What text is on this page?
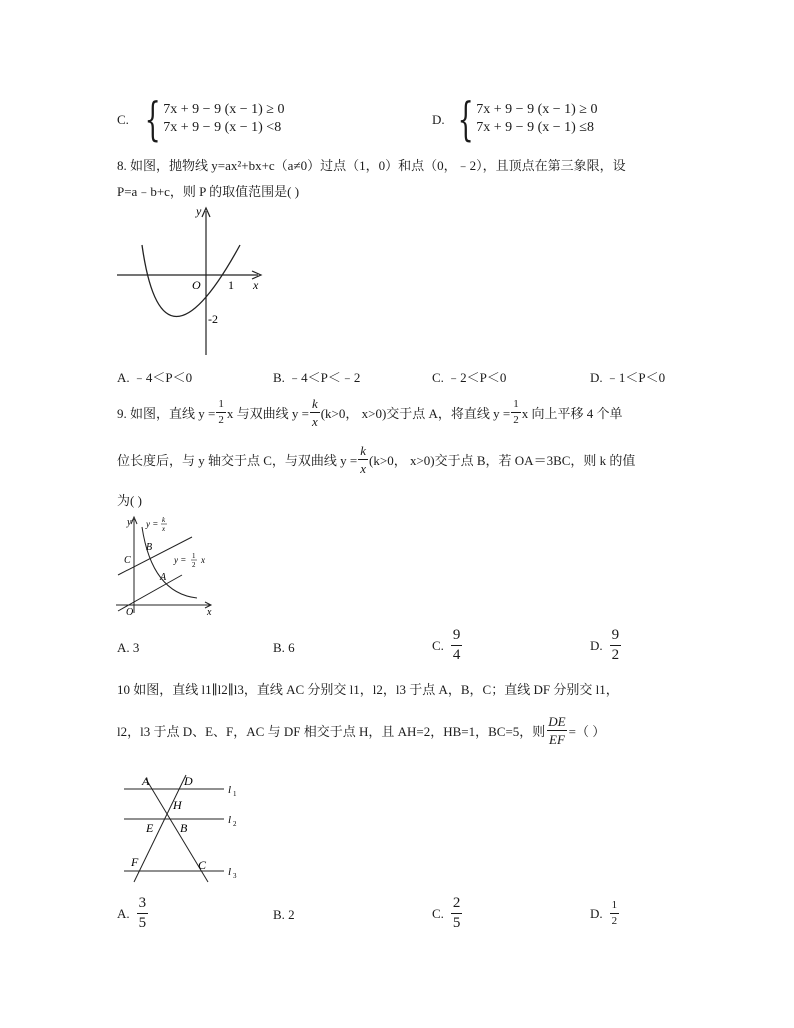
C. { 7x + 9 − 9 (x − 1) ≥ 0
7x + 9 − 9 (x − 1) <8
D. { 7x + 9 − 9 (x − 1) ≥ 0
7x + 9 − 9 (x − 1) ≤8
8. 如图，抛物线 y=ax²+bx+c（a≠0）过点（1，0）和点（0，﹣2），且顶点在第三象限，设
P=a﹣b+c，则 P 的取值范围是( )
y
x
O 1
-2
A. ﹣4＜P＜0	B. ﹣4＜P＜﹣2	C. ﹣2＜P＜0	D. ﹣1＜P＜0
9. 如图，直线 $y = \frac{1}{2}$ x 与双曲线 $y = \frac{k}{x} (k>0$， x>0)交于点 A，将直线 $y = \frac{1}{2}$ x 向上平移 4 个单
位长度后，与 y 轴交于点 C，与双曲线 $y = \frac{k}{x} (k>0$， x>0)交于点 B，若 OA＝3BC，则 k 的值
为( )
y
x
O
C
B
A
y = k
x
y = 1
2 x
A. 3	B. 6	C. $\frac{9}{4}$	D. $\frac{9}{2}$
10 如图，直线 l1∥l2∥l3，直线 AC 分别交 l1，l2，l3 于点 A，B，C；直线 DF 分别交 l1，
l2，l3 于点 D、E、F，AC 与 DF 相交于点 H，且 AH=2，HB=1，BC=5，则 $\frac{DE}{EF}$ =（ ）
A	D
H
E B
F	C
l 1
l 2
l 3
A. $\frac{3}{5}$	B. 2	C. $\frac{2}{5}$	D. $\frac{1}{2}$
